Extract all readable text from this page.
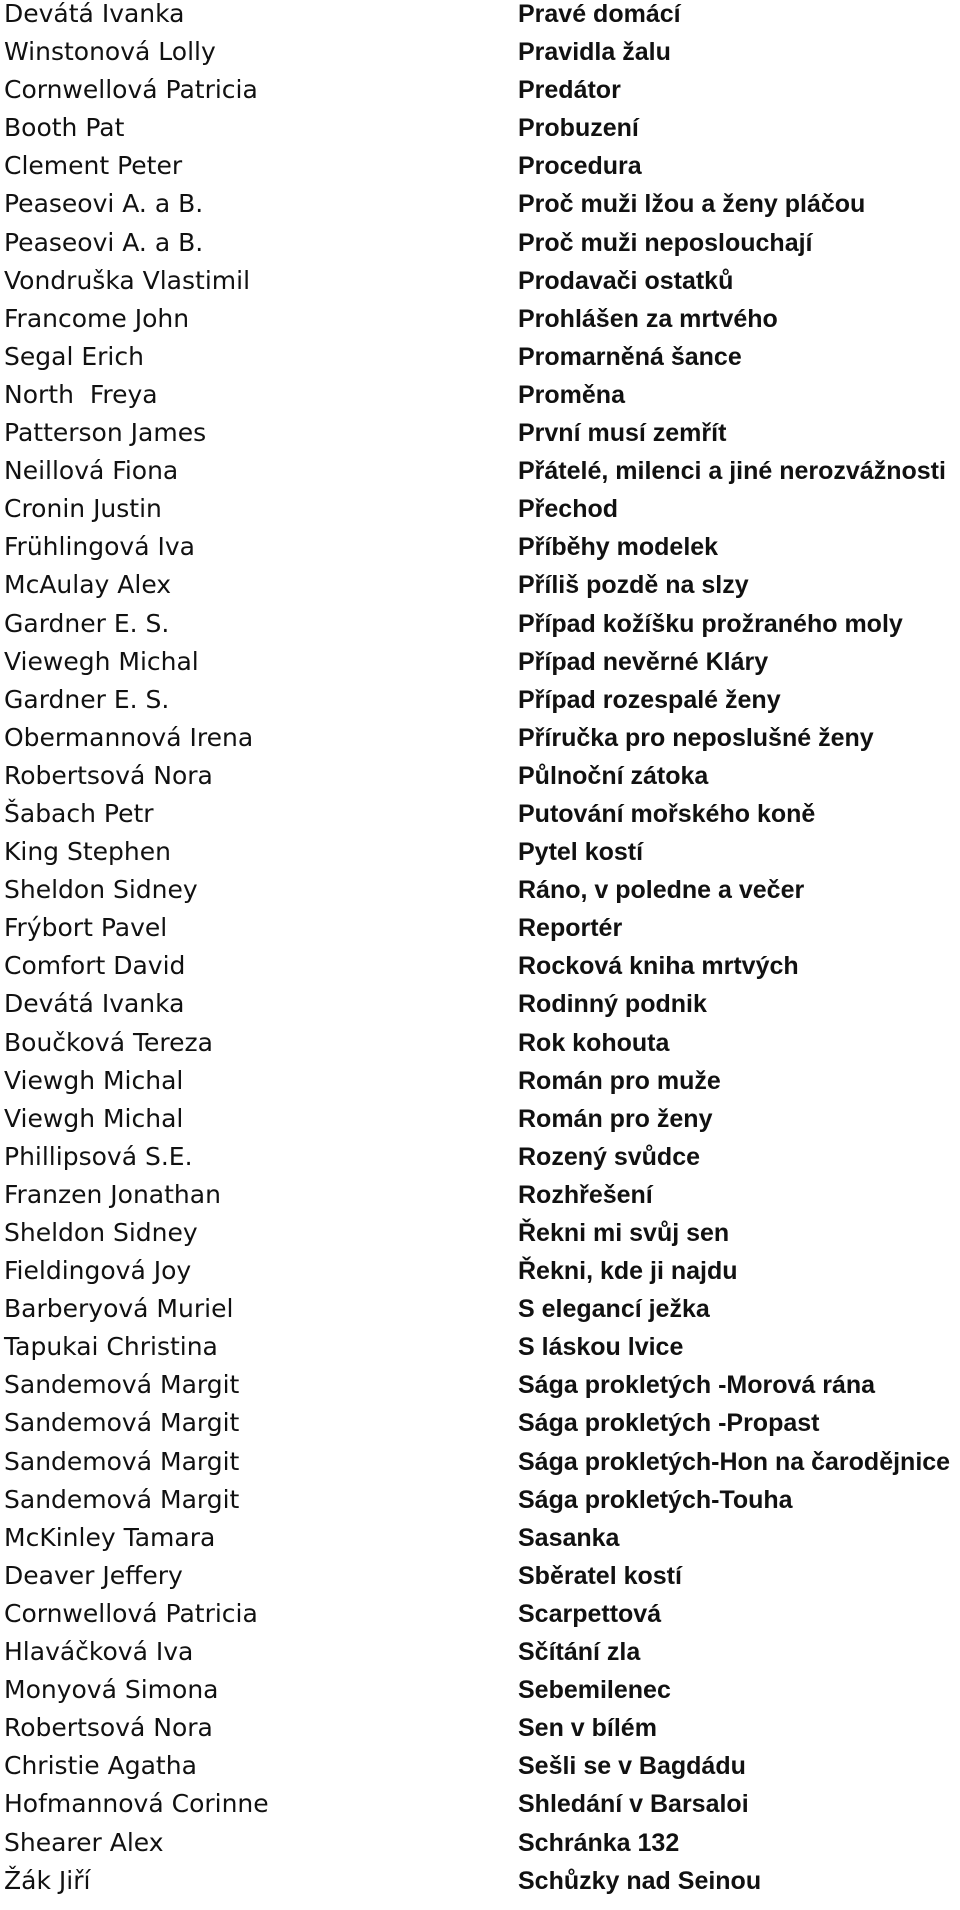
Devátá Ivanka	Pravé domácí
Winstonová Lolly	Pravidla žalu
Cornwellová Patricia	Predátor
Booth Pat	Probuzení
Clement Peter	Procedura
Peaseovi A. a B.	Proč muži lžou a ženy pláčou
Peaseovi A. a B.	Proč muži neposlouchají
Vondruška Vlastimil	Prodavači ostatků
Francome John	Prohlášen za mrtvého
Segal Erich	Promarněná šance
North  Freya	Proměna
Patterson James	První musí zemřít
Neillová Fiona	Přátelé, milenci a jiné nerozvážnosti
Cronin Justin	Přechod
Frühlingová Iva	Příběhy modelek
McAulay Alex	Příliš pozdě na slzy
Gardner E. S.	Případ kožíšku prožraného moly
Viewegh Michal	Případ nevěrné Kláry
Gardner E. S.	Případ rozespalé ženy
Obermannová Irena	Příručka pro neposlušné ženy
Robertsová Nora	Půlnoční zátoka
Šabach Petr	Putování mořského koně
King Stephen	Pytel kostí
Sheldon Sidney	Ráno, v poledne a večer
Frýbort Pavel	Reportér
Comfort David	Rocková kniha mrtvých
Devátá Ivanka	Rodinný podnik
Boučková Tereza	Rok kohouta
Viewgh Michal	Román pro muže
Viewgh Michal	Román pro ženy
Phillipsová S.E.	Rozený svůdce
Franzen Jonathan	Rozhřešení
Sheldon Sidney	Řekni mi svůj sen
Fieldingová Joy	Řekni, kde ji najdu
Barberyová Muriel	S elegancí ježka
Tapukai Christina	S láskou lvice
Sandemová Margit	Sága prokletých -Morová rána
Sandemová Margit	Sága prokletých -Propast
Sandemová Margit	Sága prokletých-Hon na čarodějnice
Sandemová Margit	Sága prokletých-Touha
McKinley Tamara	Sasanka
Deaver Jeffery	Sběratel kostí
Cornwellová Patricia	Scarpettová
Hlaváčková Iva	Sčítání zla
Monyová Simona	Sebemilenec
Robertsová Nora	Sen v bílém
Christie Agatha	Sešli se v Bagdádu
Hofmannová Corinne	Shledání v Barsaloi
Shearer Alex	Schránka 132
Žák Jiří	Schůzky nad Seinou
